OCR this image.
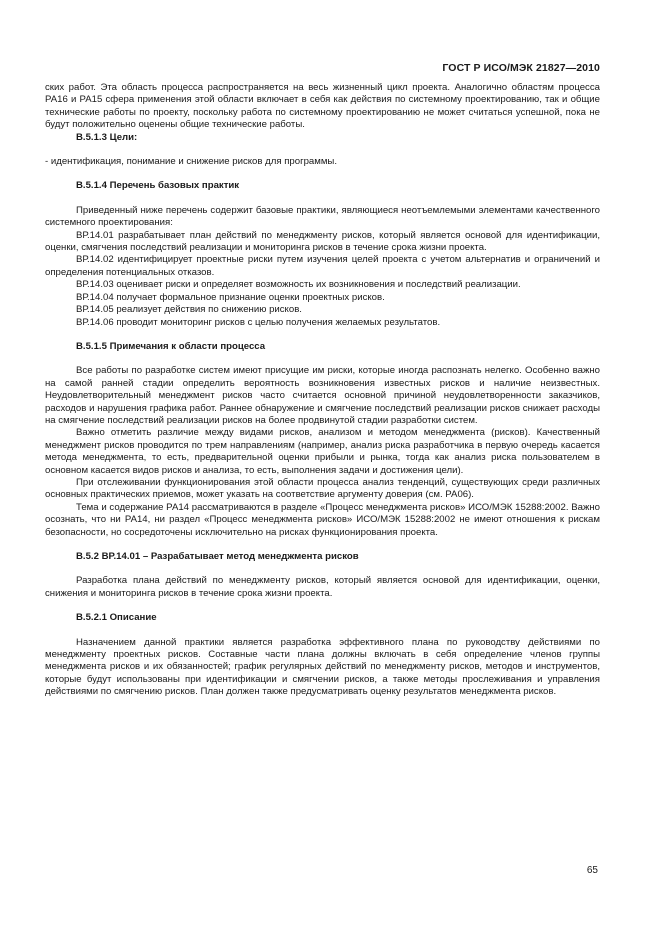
ГОСТ Р ИСО/МЭК 21827—2010

ских работ. Эта область процесса распространяется на весь жизненный цикл проекта. Аналогично областям процесса РА16 и РА15 сфера применения этой области включает в себя как действия по системному проектированию, так и общие технические работы по проекту, поскольку работа по системному проектированию не может считаться успешной, пока не будут положительно оценены общие технические работы.

В.5.1.3 Цели:

- идентификация, понимание и снижение рисков для программы.

В.5.1.4 Перечень базовых практик

Приведенный ниже перечень содержит базовые практики, являющиеся неотъемлемыми элементами качественного системного проектирования:

ВР.14.01 разрабатывает план действий по менеджменту рисков, который является основой для идентификации, оценки, смягчения последствий реализации и мониторинга рисков в течение срока жизни проекта.

ВР.14.02 идентифицирует проектные риски путем изучения целей проекта с учетом альтернатив и ограничений и определения потенциальных отказов.

ВР.14.03 оценивает риски и определяет возможность их возникновения и последствий реализации.

ВР.14.04 получает формальное признание оценки проектных рисков.

ВР.14.05 реализует действия по снижению рисков.

ВР.14.06 проводит мониторинг рисков с целью получения желаемых результатов.

В.5.1.5 Примечания к области процесса

Все работы по разработке систем имеют присущие им риски, которые иногда распознать нелегко. Особенно важно на самой ранней стадии определить вероятность возникновения известных рисков и наличие неизвестных. Неудовлетворительный менеджмент рисков часто считается основной причиной неудовлетворенности заказчиков, расходов и нарушения графика работ. Раннее обнаружение и смягчение последствий реализации рисков снижает расходы на смягчение последствий реализации рисков на более продвинутой стадии разработки систем.

Важно отметить различие между видами рисков, анализом и методом менеджмента (рисков). Качественный менеджмент рисков проводится по трем направлениям (например, анализ риска разработчика в первую очередь касается метода менеджмента, то есть, предварительной оценки прибыли и рынка, тогда как анализ риска пользователем в основном касается видов рисков и анализа, то есть, выполнения задачи и достижения цели).

При отслеживании функционирования этой области процесса анализ тенденций, существующих среди различных основных практических приемов, может указать на соответствие аргументу доверия (см. РА06).

Тема и содержание РА14 рассматриваются в разделе «Процесс менеджмента рисков» ИСО/МЭК 15288:2002. Важно осознать, что ни РА14, ни раздел «Процесс менеджмента рисков» ИСО/МЭК 15288:2002 не имеют отношения к рискам безопасности, но сосредоточены исключительно на рисках функционирования проекта.

В.5.2 ВР.14.01 – Разрабатывает метод менеджмента рисков

Разработка плана действий по менеджменту рисков, который является основой для идентификации, оценки, снижения и мониторинга рисков в течение срока жизни проекта.

В.5.2.1 Описание

Назначением данной практики является разработка эффективного плана по руководству действиями по менеджменту проектных рисков. Составные части плана должны включать в себя определение членов группы менеджмента рисков и их обязанностей; график регулярных действий по менеджменту рисков, методов и инструментов, которые будут использованы при идентификации и смягчении рисков, а также методы прослеживания и управления действиями по смягчению рисков. План должен также предусматривать оценку результатов менеджмента рисков.

65
